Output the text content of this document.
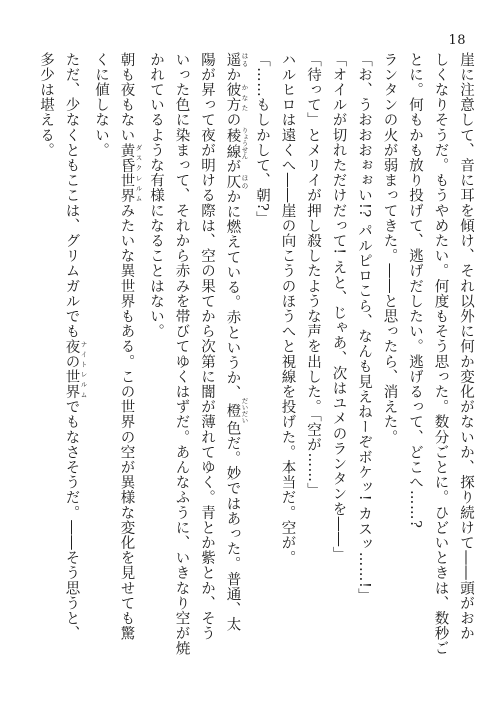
18
崖に注意して、音に耳を傾け、それ以外に何か変化がないか、探り続けて――頭がおか
しくなりそうだ。もうやめたい。何度もそう思った。数分ごとに。ひどいときは、数秒ご
とに。何もかも放り投げて、逃げだしたい。逃げるって、どこへ……?
ランタンの火が弱まってきた。――と思ったら、消えた。
「お、うおおおぉぉい!? パルピロこら、なんも見えねーぞボケッ! カスッ……!」
「オイルが切れただけだって! えと、じゃあ、次はユメのランタンを――」
「待って」とメリイが押し殺したような声を出した。「空が……」
ハルヒロは遠くへ――崖の向こうのほうへと視線を投げた。本当だ。空が。
「……もしかして、朝?」
遥 はるか彼方 かなたの稜線 りょうせんが仄 ほのかに燃えている。赤というか、橙 だいだい色だ。妙ではあった。普通、太
陽が昇って夜が明ける際は、空の果てから次第に闇が薄れてゆく。青とか紫とか、そう
いった色に染まって、それから赤みを帯びてゆくはずだ。あんなふうに、いきなり空が焼
かれているような有様になることはない。
朝も夜もない黄昏世界 ダスクレルムみたいな異世界もある。この世界の空が異様な変化を見せても驚
くに値しない。
ただ、少なくともここは、グリムガルでも夜の世界 ナイトレルムでもなさそうだ。――そう思うと、
多少は堪える。
